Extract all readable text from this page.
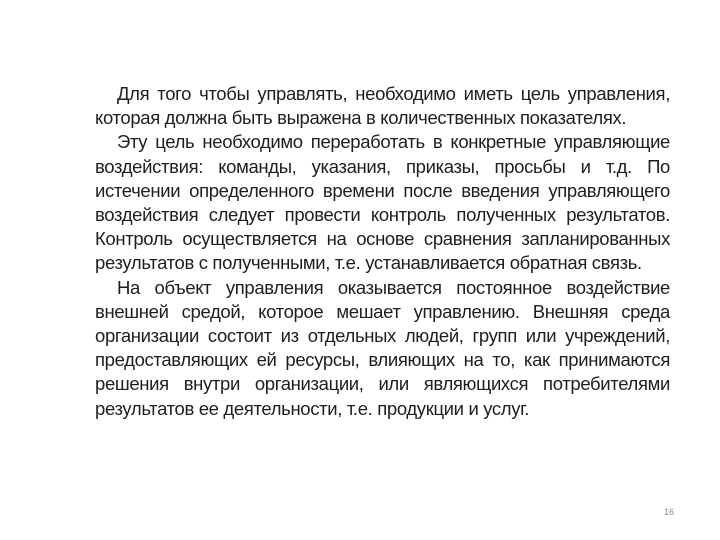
Для того чтобы управлять, необходимо иметь цель управления, которая должна быть выражена в количественных показателях.

Эту цель необходимо переработать в конкретные управляющие воздействия: команды, указания, приказы, просьбы и т.д. По истечении определенного времени после введения управляющего воздействия следует провести контроль полученных результатов. Контроль осуществляется на основе сравнения запланированных результатов с полученными, т.е. устанавливается обратная связь.

На объект управления оказывается постоянное воздействие внешней средой, которое мешает управлению. Внешняя среда организации состоит из отдельных людей, групп или учреждений, предоставляющих ей ресурсы, влияющих на то, как принимаются решения внутри организации, или являющихся потребителями результатов ее деятельности, т.е. продукции и услуг.

16
